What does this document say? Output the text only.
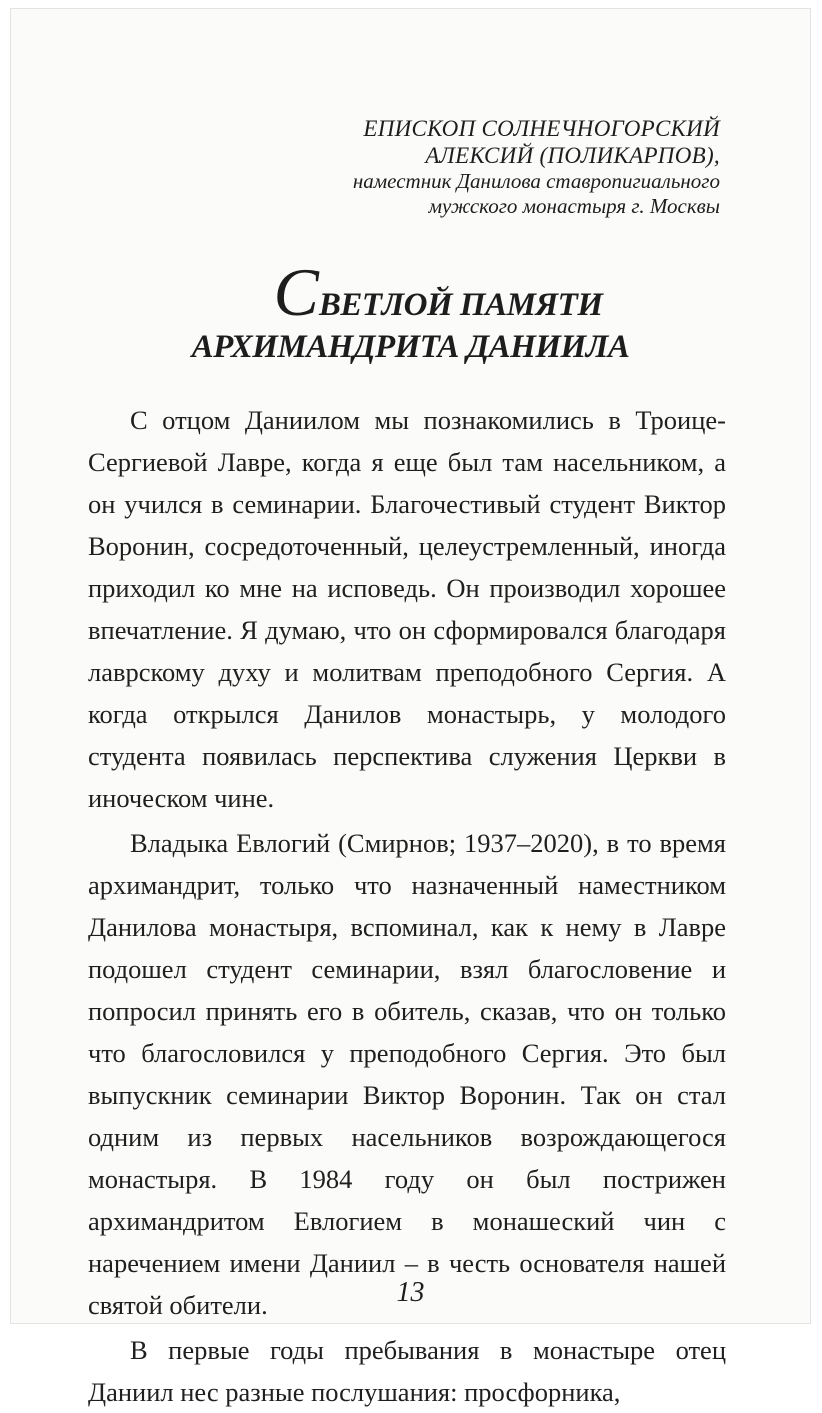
ЕПИСКОП СОЛНЕЧНОГОРСКИЙ
АЛЕКСИЙ (ПОЛИКАРПОВ),
наместник Данилова ставропигиального
мужского монастыря г. Москвы
СВЕТЛОЙ ПАМЯТИ
АРХИМАНДРИТА ДАНИИЛА

С отцом Даниилом мы познакомились в Троице-Сергиевой Лавре, когда я еще был там насельником, а он учился в семинарии. Благочестивый студент Виктор Воронин, сосредоточенный, целеустремленный, иногда приходил ко мне на исповедь. Он производил хорошее впечатление. Я думаю, что он сформировался благодаря лаврскому духу и молитвам преподобного Сергия. А когда открылся Данилов монастырь, у молодого студента появилась перспектива служения Церкви в иноческом чине.

Владыка Евлогий (Смирнов; 1937–2020), в то время архимандрит, только что назначенный наместником Данилова монастыря, вспоминал, как к нему в Лавре подошел студент семинарии, взял благословение и попросил принять его в обитель, сказав, что он только что благословился у преподобного Сергия. Это был выпускник семинарии Виктор Воронин. Так он стал одним из первых насельников возрождающегося монастыря. В 1984 году он был пострижен архимандритом Евлогием в монашеский чин с наречением имени Даниил – в честь основателя нашей святой обители.

В первые годы пребывания в монастыре отец Даниил нес разные послушания: просфорника,

13
